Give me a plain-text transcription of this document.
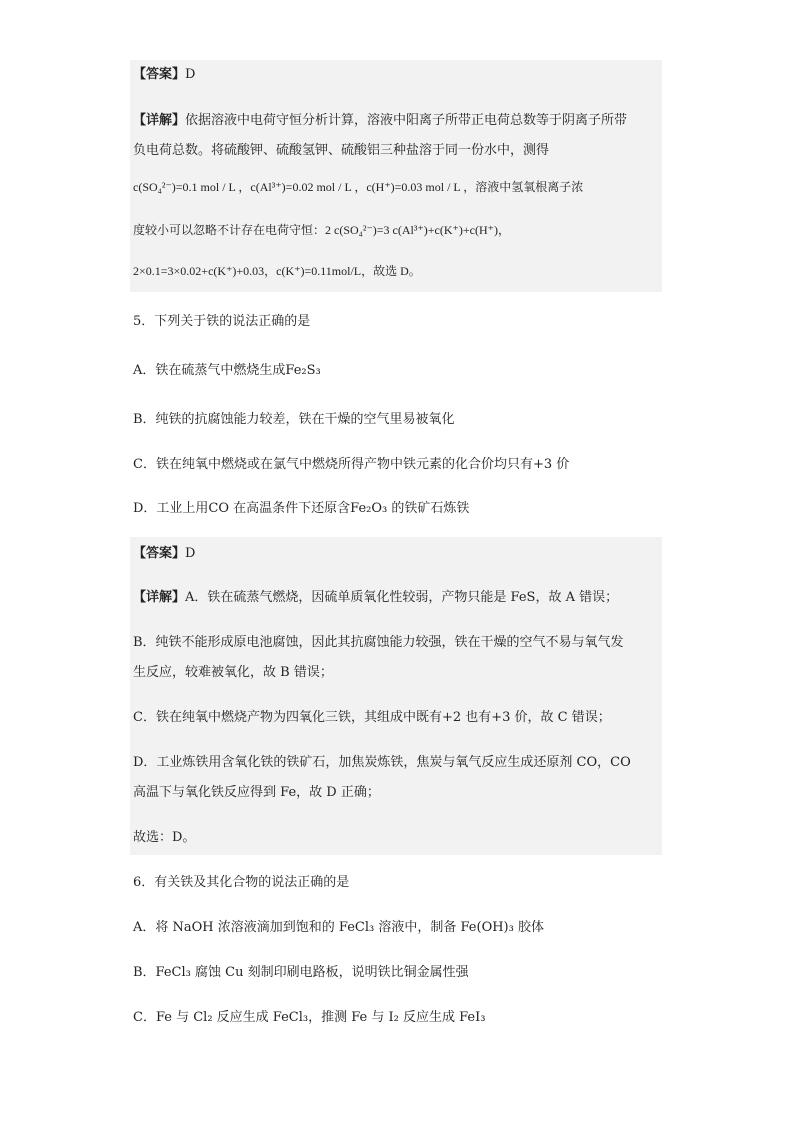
【答案】D
【详解】依据溶液中电荷守恒分析计算，溶液中阳离子所带正电荷总数等于阴离子所带
负电荷总数。将硫酸钾、硫酸氢钾、硫酸铝三种盐溶于同一份水中，测得
c(SO₄²⁻)=0.1 mol / L ，c(Al³⁺)=0.02 mol / L ，c(H⁺)=0.03 mol / L ，溶液中氢氧根离子浓
度较小可以忽略不计存在电荷守恒：2 c(SO₄²⁻)=3 c(Al³⁺)+c(K⁺)+c(H⁺)，
2×0.1=3×0.02+c(K⁺)+0.03，c(K⁺)=0.11mol/L，故选 D。
5．下列关于铁的说法正确的是
A．铁在硫蒸气中燃烧生成Fe₂S₃
B．纯铁的抗腐蚀能力较差，铁在干燥的空气里易被氧化
C．铁在纯氧中燃烧或在氯气中燃烧所得产物中铁元素的化合价均只有+3 价
D．工业上用CO 在高温条件下还原含Fe₂O₃ 的铁矿石炼铁
【答案】D
【详解】A．铁在硫蒸气燃烧，因硫单质氧化性较弱，产物只能是 FeS，故 A 错误；
B．纯铁不能形成原电池腐蚀，因此其抗腐蚀能力较强，铁在干燥的空气不易与氧气发
生反应，较难被氧化，故 B 错误；
C．铁在纯氧中燃烧产物为四氧化三铁，其组成中既有+2 也有+3 价，故 C 错误；
D．工业炼铁用含氧化铁的铁矿石，加焦炭炼铁，焦炭与氧气反应生成还原剂 CO，CO
高温下与氧化铁反应得到 Fe，故 D 正确；
故选：D。
6．有关铁及其化合物的说法正确的是
A．将 NaOH 浓溶液滴加到饱和的 FeCl₃ 溶液中，制备 Fe(OH)₃ 胶体
B．FeCl₃ 腐蚀 Cu 刻制印刷电路板，说明铁比铜金属性强
C．Fe 与 Cl₂ 反应生成 FeCl₃，推测 Fe 与 I₂ 反应生成 FeI₃
